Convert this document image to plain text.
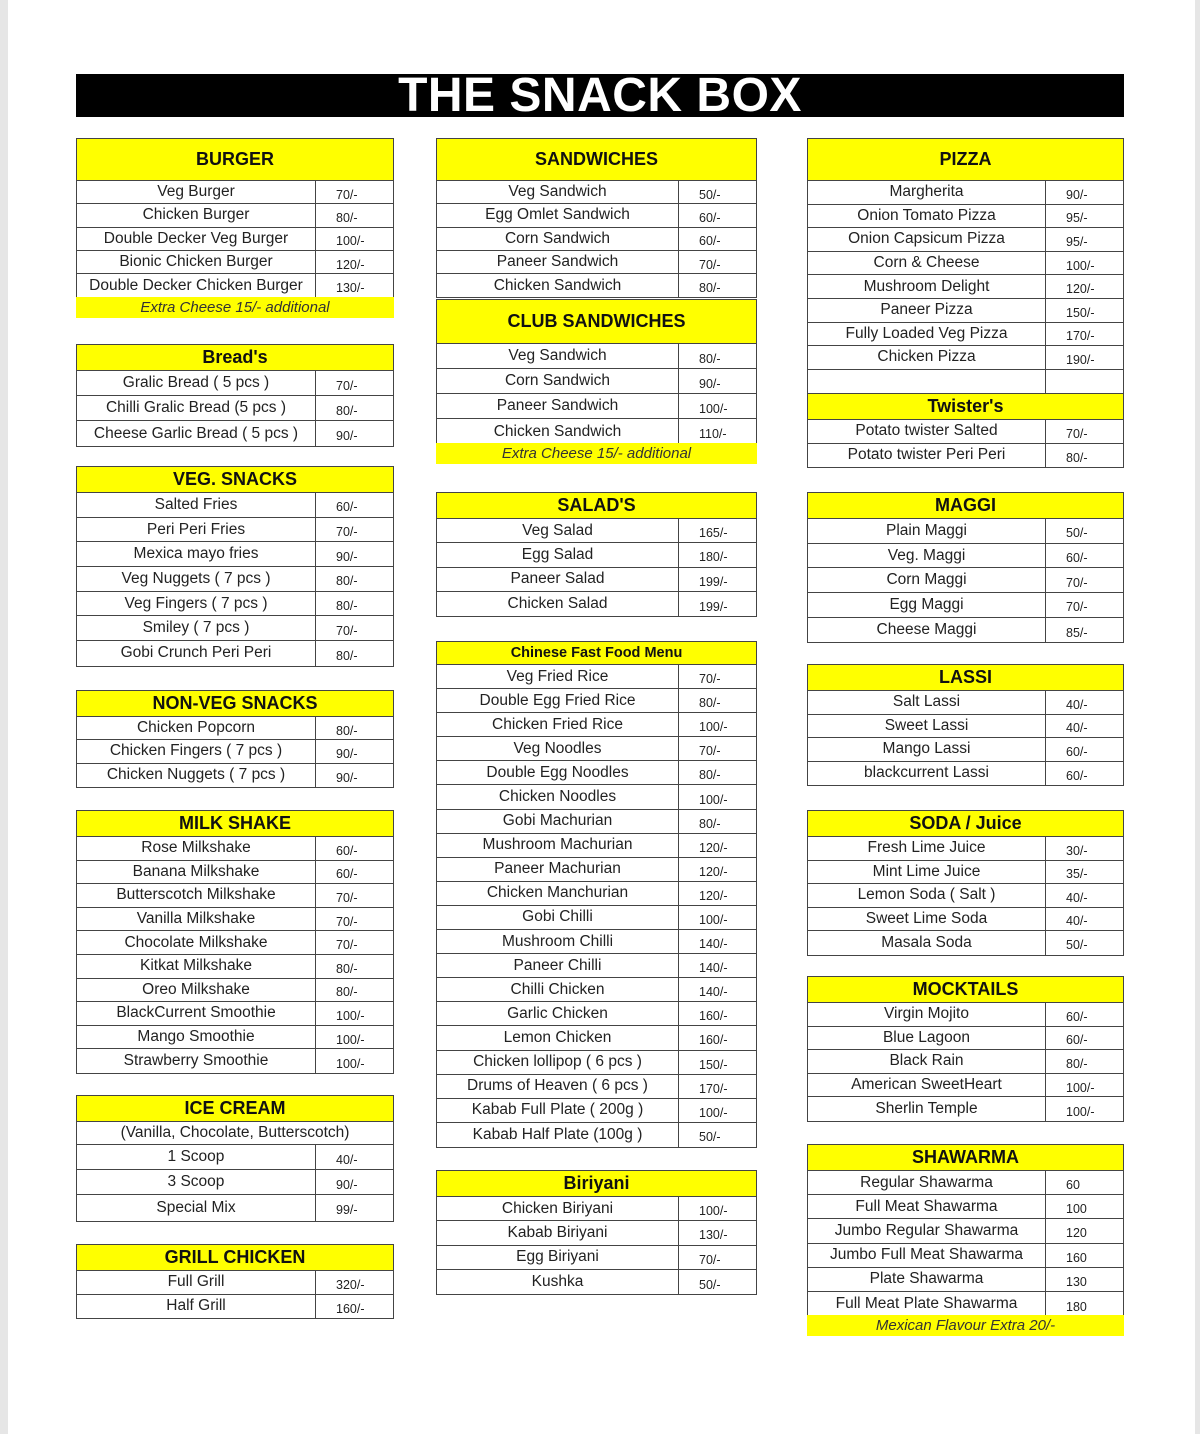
THE SNACK BOX
BURGER
Veg Burger	70/-
Chicken Burger	80/-
Double Decker Veg Burger	100/-
Bionic Chicken Burger	120/-
Double Decker Chicken Burger	130/-
Extra Cheese 15/- additional
Bread's
Gralic Bread ( 5 pcs )	70/-
Chilli Gralic Bread (5 pcs )	80/-
Cheese Garlic Bread ( 5 pcs )	90/-
VEG. SNACKS
Salted Fries	60/-
Peri Peri Fries	70/-
Mexica mayo fries	90/-
Veg Nuggets ( 7 pcs )	80/-
Veg Fingers ( 7 pcs )	80/-
Smiley ( 7 pcs )	70/-
Gobi Crunch Peri Peri	80/-
NON-VEG SNACKS
Chicken Popcorn	80/-
Chicken Fingers ( 7 pcs )	90/-
Chicken Nuggets ( 7 pcs )	90/-
MILK SHAKE
Rose Milkshake	60/-
Banana Milkshake	60/-
Butterscotch Milkshake	70/-
Vanilla Milkshake	70/-
Chocolate Milkshake	70/-
Kitkat Milkshake	80/-
Oreo Milkshake	80/-
BlackCurrent Smoothie	100/-
Mango Smoothie	100/-
Strawberry Smoothie	100/-
ICE CREAM
(Vanilla, Chocolate, Butterscotch)
1 Scoop	40/-
3 Scoop	90/-
Special Mix	99/-
GRILL CHICKEN
Full Grill	320/-
Half Grill	160/-
SANDWICHES
Veg Sandwich	50/-
Egg Omlet Sandwich	60/-
Corn Sandwich	60/-
Paneer Sandwich	70/-
Chicken Sandwich	80/-
CLUB SANDWICHES
Veg Sandwich	80/-
Corn Sandwich	90/-
Paneer Sandwich	100/-
Chicken Sandwich	110/-
Extra Cheese 15/- additional
SALAD'S
Veg Salad	165/-
Egg Salad	180/-
Paneer Salad	199/-
Chicken Salad	199/-
Chinese Fast Food Menu
Veg Fried Rice	70/-
Double Egg Fried Rice	80/-
Chicken Fried Rice	100/-
Veg Noodles	70/-
Double Egg Noodles	80/-
Chicken Noodles	100/-
Gobi Machurian	80/-
Mushroom Machurian	120/-
Paneer Machurian	120/-
Chicken Manchurian	120/-
Gobi Chilli	100/-
Mushroom Chilli	140/-
Paneer Chilli	140/-
Chilli Chicken	140/-
Garlic Chicken	160/-
Lemon Chicken	160/-
Chicken lollipop ( 6 pcs )	150/-
Drums of Heaven ( 6 pcs )	170/-
Kabab Full Plate ( 200g )	100/-
Kabab Half Plate (100g )	50/-
Biriyani
Chicken Biriyani	100/-
Kabab Biriyani	130/-
Egg Biriyani	70/-
Kushka	50/-
PIZZA
Margherita	90/-
Onion Tomato Pizza	95/-
Onion Capsicum Pizza	95/-
Corn & Cheese	100/-
Mushroom Delight	120/-
Paneer Pizza	150/-
Fully Loaded Veg Pizza	170/-
Chicken Pizza	190/-
Twister's
Potato twister Salted	70/-
Potato twister Peri Peri	80/-
MAGGI
Plain Maggi	50/-
Veg. Maggi	60/-
Corn Maggi	70/-
Egg Maggi	70/-
Cheese Maggi	85/-
LASSI
Salt Lassi	40/-
Sweet Lassi	40/-
Mango Lassi	60/-
blackcurrent Lassi	60/-
SODA / Juice
Fresh Lime Juice	30/-
Mint Lime Juice	35/-
Lemon Soda ( Salt )	40/-
Sweet Lime Soda	40/-
Masala Soda	50/-
MOCKTAILS
Virgin Mojito	60/-
Blue Lagoon	60/-
Black Rain	80/-
American SweetHeart	100/-
Sherlin Temple	100/-
SHAWARMA
Regular Shawarma	60
Full Meat Shawarma	100
Jumbo Regular Shawarma	120
Jumbo Full Meat Shawarma	160
Plate Shawarma	130
Full Meat Plate Shawarma	180
Mexican Flavour Extra 20/-
